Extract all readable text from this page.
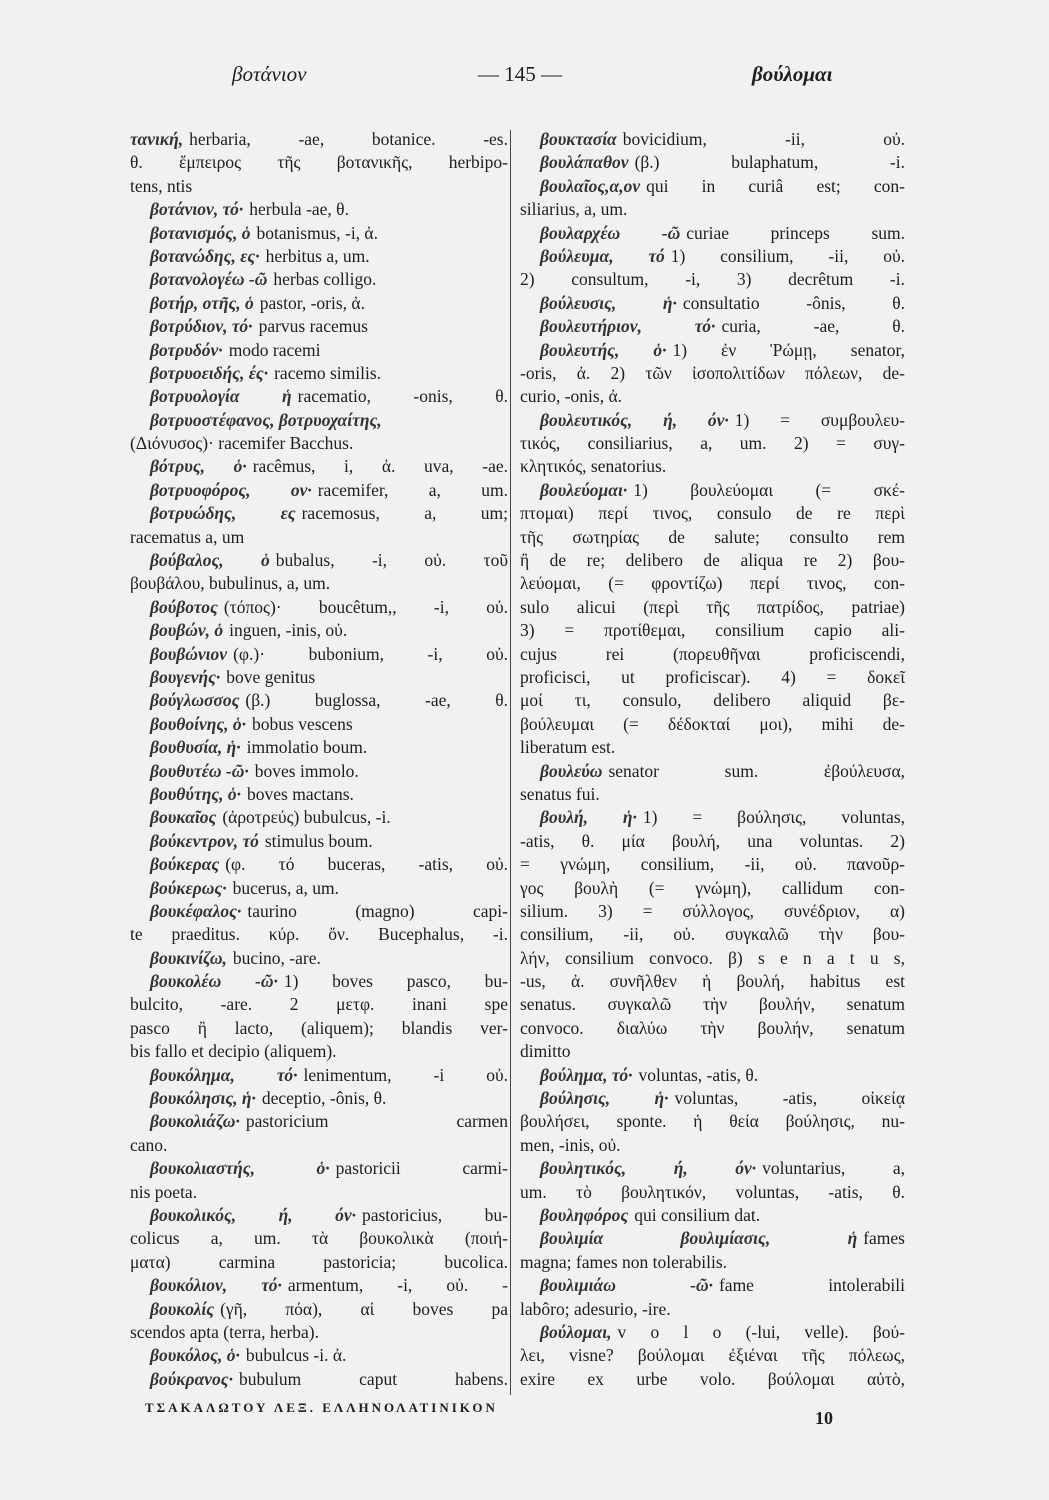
βοτάνιον	— 145 —	βούλομαι
τανική, herbaria, -ae, botanice. -es.
θ. ἔμπειρος τῆς βοτανικῆς, herbipo-
tens, ntis
βοτάνιον, τό· herbula -ae, θ.
βοτανισμός, ὁ botanismus, -i, ἀ.
βοτανώδης, ες· herbitus a, um.
βοτανολογέω -ῶ herbas colligo.
βοτήρ, οτῆς, ὁ pastor, -oris, ἀ.
βοτρύδιον, τό· parvus racemus
βοτρυδόν· modo racemi
βοτρυοειδής, ές· racemo similis.
βοτρυολογία ἡ racematio, -onis, θ.
βοτρυοστέφανος, βοτρυοχαίτης,
(Διόνυσος)· racemifer Bacchus.
βότρυς, ὁ· racêmus, i, ἀ. uva, -ae.
βοτρυοφόρος, ον· racemifer, a, um.
βοτρυώδης, ες racemosus, a, um;
racematus a, um
βούβαλος, ὁ bubalus, -i, οὐ. τοῦ
βουβάλου, bubulinus, a, um.
βούβοτος (τόπος)· boucêtum,, -i, οὐ.
βουβών, ὁ inguen, -inis, οὐ.
βουβώνιον (φ.)· bubonium, -i, οὐ.
βουγενής· bove genitus
βούγλωσσος (β.) buglossa, -ae, θ.
βουθοίνης, ὁ· bobus vescens
βουθυσία, ἡ· immolatio boum.
βουθυτέω -ῶ· boves immolo.
βουθύτης, ὁ· boves mactans.
βουκαῖος (ἀροτρεύς) bubulcus, -i.
βούκεντρον, τό stimulus boum.
βούκερας (φ. τό buceras, -atis, οὐ.
βούκερως· bucerus, a, um.
βουκέφαλος· taurino (magno) capi-
te praeditus. κύρ. ὄν. Bucephalus, -i.
βουκινίζω, bucino, -are.
βουκολέω -ῶ· 1) boves pasco, bu-
bulcito, -are. 2 μετφ. inani spe
pasco ἢ lacto, (aliquem); blandis ver-
bis fallo et decipio (aliquem).
βουκόλημα, τό· lenimentum, -i οὐ.
βουκόλησις, ἡ· deceptio, -ônis, θ.
βουκολιάζω· pastoricium carmen
cano.
βουκολιαστής, ὁ· pastoricii carmi-
nis poeta.
βουκολικός, ή, όν· pastoricius, bu-
colicus a, um. τὰ βουκολικὰ (ποιή-
ματα) carmina pastoricia; bucolica.
βουκόλιον, τό· armentum, -i, οὐ. -
βουκολίς (γῆ, πόα), αἱ boves pa
scendos apta (terra, herba).
βουκόλος, ὁ· bubulcus -i. ἀ.
βούκρανος· bubulum caput habens.
βουκτασία bovicidium, -ii, οὐ.
βουλάπαθον (β.) bulaphatum, -i.
βουλαῖος,α,ον qui in curiâ est; con-
siliarius, a, um.
βουλαρχέω -ῶ curiae princeps sum.
βούλευμα, τό 1) consilium, -ii, οὐ.
2) consultum, -i, 3) decrêtum -i.
βούλευσις, ἡ· consultatio -ônis, θ.
βουλευτήριον, τό· curia, -ae, θ.
βουλευτής, ὁ· 1) ἐν Ῥώμῃ, senator,
-oris, ἀ. 2) τῶν ἰσοπολιτίδων πόλεων, de-
curio, -onis, ἀ.
βουλευτικός, ή, όν· 1) = συμβουλευ-
τικός, consiliarius, a, um. 2) = συγ-
κλητικός, senatorius.
βουλεύομαι· 1) βουλεύομαι (= σκέ-
πτομαι) περί τινος, consulo de re περὶ
τῆς σωτηρίας de salute; consulto rem
ἢ de re; delibero de aliqua re 2) βου-
λεύομαι, (= φροντίζω) περί τινος, con-
sulo alicui (περὶ τῆς πατρίδος, patriae)
3) = προτίθεμαι, consilium capio ali-
cujus rei (πορευθῆναι proficiscendi,
proficisci, ut proficiscar). 4) = δοκεῖ
μοί τι, consulo, delibero aliquid βε-
βούλευμαι (= δέδοκταί μοι), mihi de-
liberatum est.
βουλεύω senator sum. ἐβούλευσα,
senatus fui.
βουλή, ἡ· 1) = βούλησις, voluntas,
-atis, θ. μία βουλή, una voluntas. 2)
= γνώμη, consilium, -ii, οὐ. πανοῦρ-
γος βουλὴ (= γνώμη), callidum con-
silium. 3) = σύλλογος, συνέδριον, α)
consilium, -ii, οὐ. συγκαλῶ τὴν βου-
λήν, consilium convoco. β) s e n a t u s,
-us, ἀ. συνῆλθεν ἡ βουλή, habitus est
senatus. συγκαλῶ τὴν βουλήν, senatum
convoco. διαλύω τὴν βουλήν, senatum
dimitto
βούλημα, τό· voluntas, -atis, θ.
βούλησις, ἡ· voluntas, -atis, οἰκείᾳ
βουλήσει, sponte. ἡ θεία βούλησις, nu-
men, -inis, οὐ.
βουλητικός, ή, όν· voluntarius, a,
um. τὸ βουλητικόν, voluntas, -atis, θ.
βουληφόρος qui consilium dat.
βουλιμία βουλιμίασις, ἡ fames
magna; fames non tolerabilis.
βουλιμιάω -ῶ· fame intolerabili
labôro; adesurio, -ire.
βούλομαι, v o l o (-lui, velle). βού-
λει, visne? βούλομαι ἐξιέναι τῆς πόλεως,
exire ex urbe volo. βούλομαι αὐτὸ,
ΤΣΑΚΑΛΩΤΟΥ ΛΕΞ. ΕΛΛΗΝΟΛΑΤΙΝΙΚΟΝ
10
